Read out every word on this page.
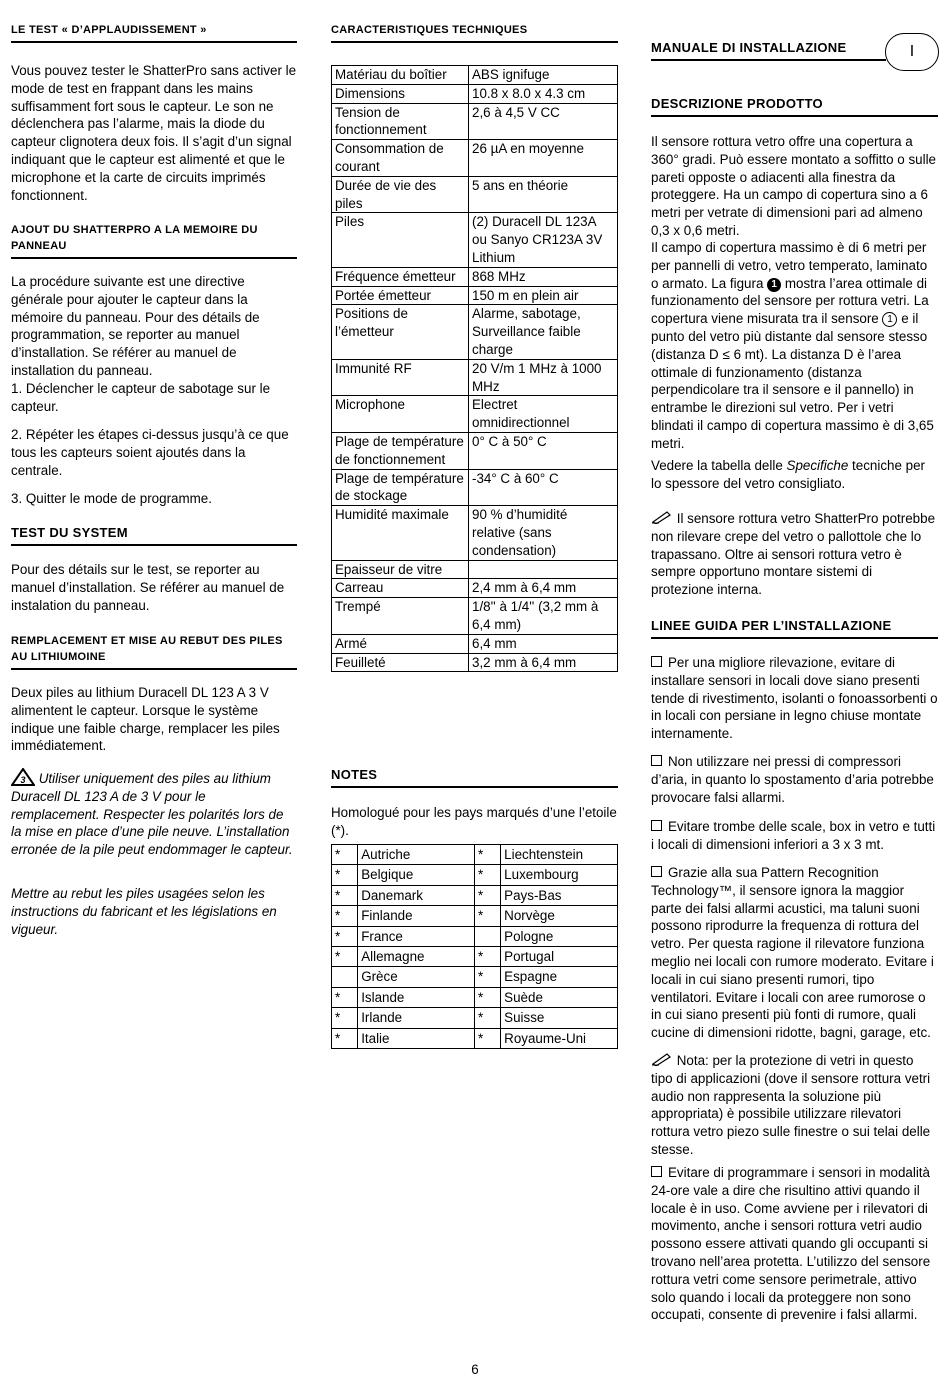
LE TEST « D’APPLAUDISSEMENT »

Vous pouvez tester le ShatterPro sans activer le mode de test en frappant dans les mains suffisamment fort sous le capteur. Le son ne déclenchera pas l’alarme, mais la diode du capteur clignotera deux fois. Il s’agit d’un signal indiquant que le capteur est alimenté et que le microphone et la carte de circuits imprimés fonctionnent.

AJOUT DU SHATTERPRO A LA MEMOIRE DU PANNEAU

La procédure suivante est une directive générale pour ajouter le capteur dans la mémoire du panneau. Pour des détails de programmation, se reporter au manuel d’installation. Se référer au manuel de installation du panneau.

1. Déclencher le capteur de sabotage sur le capteur.

2. Répéter les étapes ci-dessus jusqu’à ce que tous les capteurs soient ajoutés dans la centrale.

3. Quitter le mode de programme.

TEST DU SYSTEM

Pour des détails sur le test, se reporter au manuel d’installation. Se référer au manuel de instalation du panneau.

REMPLACEMENT ET MISE AU REBUT DES PILES AU LITHIUMOINE

Deux piles au lithium Duracell DL 123 A 3 V alimentent le capteur. Lorsque le système indique une faible charge, remplacer les piles immédiatement.

3 Utiliser uniquement des piles au lithium Duracell DL 123 A de 3 V pour le remplacement. Respecter les polarités lors de la mise en place d’une pile neuve. L’installation erronée de la pile peut endommager le capteur.

Mettre au rebut les piles usagées selon les instructions du fabricant et les législations en vigueur.

CARACTERISTIQUES TECHNIQUES
Matériau du boîtier	ABS ignifuge
Dimensions	10.8 x 8.0 x 4.3 cm
Tension de fonctionnement	2,6 à 4,5 V CC
Consommation de courant	26 µA en moyenne
Durée de vie des piles	5 ans en théorie
Piles	(2) Duracell DL 123A ou Sanyo CR123A 3V Lithium
Fréquence émetteur	868 MHz
Portée émetteur	150 m en plein air
Positions de l’émetteur	Alarme, sabotage, Surveillance faible charge
Immunité RF	20 V/m 1 MHz à 1000 MHz
Microphone	Electret omnidirectionnel
Plage de température de fonctionnement	0° C à 50° C
Plage de température de stockage	-34° C à 60° C
Humidité maximale	90 % d’humidité relative (sans condensation)
Epaisseur de vitre	
Carreau	2,4 mm à 6,4 mm
Trempé	1/8'' à 1/4'' (3,2 mm à 6,4 mm)
Armé	6,4 mm
Feuilleté	3,2 mm à 6,4 mm
NOTES

Homologué pour les pays marqués d’une l’etoile (*).

*	Autriche	*	Liechtenstein
*	Belgique	*	Luxembourg
*	Danemark	*	Pays-Bas
*	Finlande	*	Norvège
*	France		Pologne
*	Allemagne	*	Portugal
	Grèce	*	Espagne
*	Islande	*	Suède
*	Irlande	*	Suisse
*	Italie	*	Royaume-Uni
MANUALE DI INSTALLAZIONE	I
DESCRIZIONE PRODOTTO

Il sensore rottura vetro offre una copertura a 360° gradi. Può essere montato a soffitto o sulle pareti opposte o adiacenti alla finestra da proteggere. Ha un campo di copertura sino a 6 metri per vetrate di dimensioni pari ad almeno 0,3 x 0,6 metri.

Il campo di copertura massimo è di 6 metri per per pannelli di vetro, vetro temperato, laminato o armato. La figura 1 mostra l’area ottimale di funzionamento del sensore per rottura vetri. La copertura viene misurata tra il sensore 1 e il punto del vetro più distante dal sensore stesso (distanza D ≤ 6 mt). La distanza D è l’area ottimale di funzionamento (distanza perpendicolare tra il sensore e il pannello) in entrambe le direzioni sul vetro. Per i vetri blindati il campo di copertura massimo è di 3,65 metri.

Vedere la tabella delle Specifiche tecniche per lo spessore del vetro consigliato.

Il sensore rottura vetro ShatterPro potrebbe non rilevare crepe del vetro o pallottole che lo trapassano. Oltre ai sensori rottura vetro è sempre opportuno montare sistemi di protezione interna.

LINEE GUIDA PER L’INSTALLAZIONE

Per una migliore rilevazione, evitare di installare sensori in locali dove siano presenti tende di rivestimento, isolanti o fonoassorbenti o in locali con persiane in legno chiuse montate internamente.

Non utilizzare nei pressi di compressori d’aria, in quanto lo spostamento d’aria potrebbe provocare falsi allarmi.

Evitare trombe delle scale, box in vetro e tutti i locali di dimensioni inferiori a 3 x 3 mt.

Grazie alla sua Pattern Recognition Technology™, il sensore ignora la maggior parte dei falsi allarmi acustici, ma taluni suoni possono riprodurre la frequenza di rottura del vetro. Per questa ragione il rilevatore funziona meglio nei locali con rumore moderato. Evitare i locali in cui siano presenti rumori, tipo ventilatori. Evitare i locali con aree rumorose o in cui siano presenti più fonti di rumore, quali cucine di dimensioni ridotte, bagni, garage, etc.

Nota: per la protezione di vetri in questo tipo di applicazioni (dove il sensore rottura vetri audio non rappresenta la soluzione più appropriata) è possibile utilizzare rilevatori rottura vetro piezo sulle finestre o sui telai delle stesse.

Evitare di programmare i sensori in modalità 24-ore vale a dire che risultino attivi quando il locale è in uso. Come avviene per i rilevatori di movimento, anche i sensori rottura vetri audio possono essere attivati quando gli occupanti si trovano nell’area protetta. L’utilizzo del sensore rottura vetri come sensore perimetrale, attivo solo quando i locali da proteggere non sono occupati, consente di prevenire i falsi allarmi.

6
